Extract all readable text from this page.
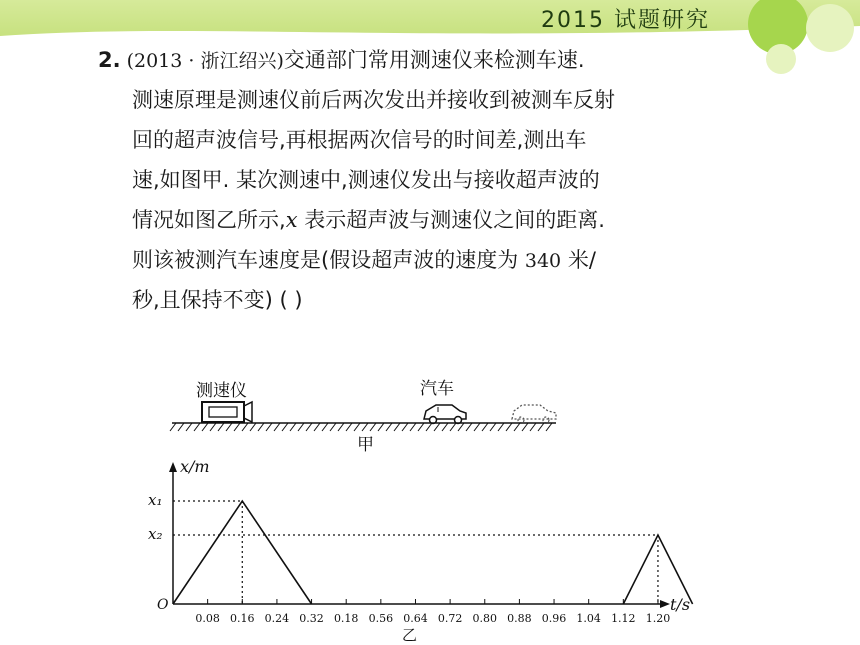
2015 试题研究
2. (2013 · 浙江绍兴)交通部门常用测速仪来检测车速.
测速原理是测速仪前后两次发出并接收到被测车反射
回的超声波信号,再根据两次信号的时间差,测出车
速,如图甲. 某次测速中,测速仪发出与接收超声波的
情况如图乙所示,x 表示超声波与测速仪之间的距离.
则该被测汽车速度是(假设超声波的速度为 340 米/
秒,且保持不变) ( )
测速仪	汽车
甲
x/m
t/s
O
x₁
x₂
0.08 0.16 0.24 0.32 0.18 0.56 0.64 0.72 0.80 0.88 0.96 1.04 1.12 1.20
乙
